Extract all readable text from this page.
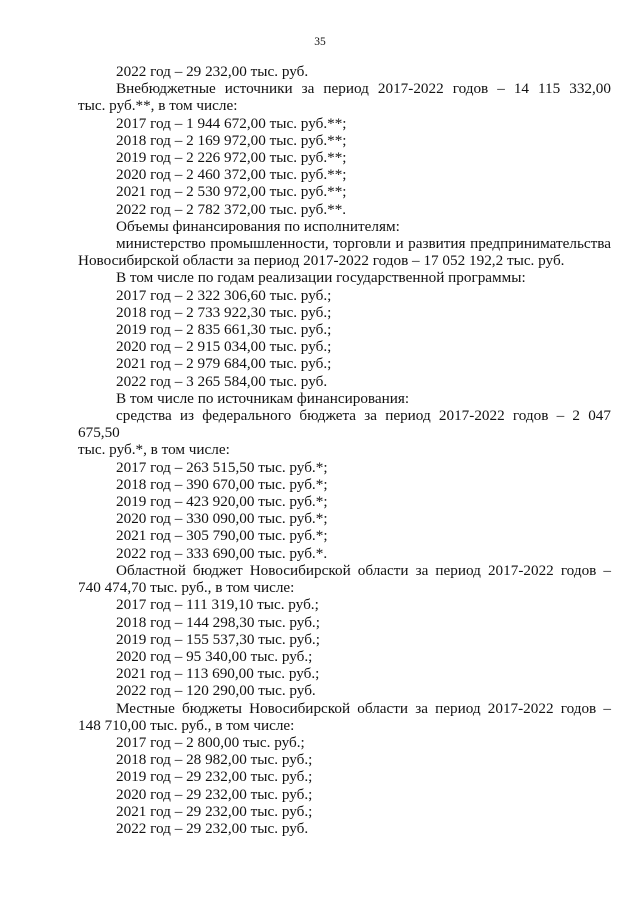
35

2022 год – 29 232,00 тыс. руб.

Внебюджетные источники за период 2017-2022 годов – 14 115 332,00

тыс. руб.**, в том числе:

2017 год – 1 944 672,00 тыс. руб.**;

2018 год – 2 169 972,00 тыс. руб.**;

2019 год – 2 226 972,00 тыс. руб.**;

2020 год – 2 460 372,00 тыс. руб.**;

2021 год – 2 530 972,00 тыс. руб.**;

2022 год – 2 782 372,00 тыс. руб.**.

Объемы финансирования по исполнителям:

министерство промышленности, торговли и развития предпринимательства

Новосибирской области за период 2017-2022 годов – 17 052 192,2 тыс. руб.

В том числе по годам реализации государственной программы:

2017 год – 2 322 306,60 тыс. руб.;

2018 год – 2 733 922,30 тыс. руб.;

2019 год – 2 835 661,30 тыс. руб.;

2020 год – 2 915 034,00 тыс. руб.;

2021 год – 2 979 684,00 тыс. руб.;

2022 год – 3 265 584,00 тыс. руб.

В том числе по источникам финансирования:

средства из федерального бюджета за период 2017-2022 годов – 2 047 675,50

тыс. руб.*, в том числе:

2017 год – 263 515,50 тыс. руб.*;

2018 год – 390 670,00 тыс. руб.*;

2019 год – 423 920,00 тыс. руб.*;

2020 год – 330 090,00 тыс. руб.*;

2021 год – 305 790,00 тыс. руб.*;

2022 год – 333 690,00 тыс. руб.*.

Областной бюджет Новосибирской области за период 2017-2022 годов –

740 474,70 тыс. руб., в том числе:

2017 год – 111 319,10 тыс. руб.;

2018 год – 144 298,30 тыс. руб.;

2019 год – 155 537,30 тыс. руб.;

2020 год – 95 340,00 тыс. руб.;

2021 год – 113 690,00 тыс. руб.;

2022 год – 120 290,00 тыс. руб.

Местные бюджеты Новосибирской области за период 2017-2022 годов –

148 710,00 тыс. руб., в том числе:

2017 год – 2 800,00 тыс. руб.;

2018 год – 28 982,00 тыс. руб.;

2019 год – 29 232,00 тыс. руб.;

2020 год – 29 232,00 тыс. руб.;

2021 год – 29 232,00 тыс. руб.;

2022 год – 29 232,00 тыс. руб.
